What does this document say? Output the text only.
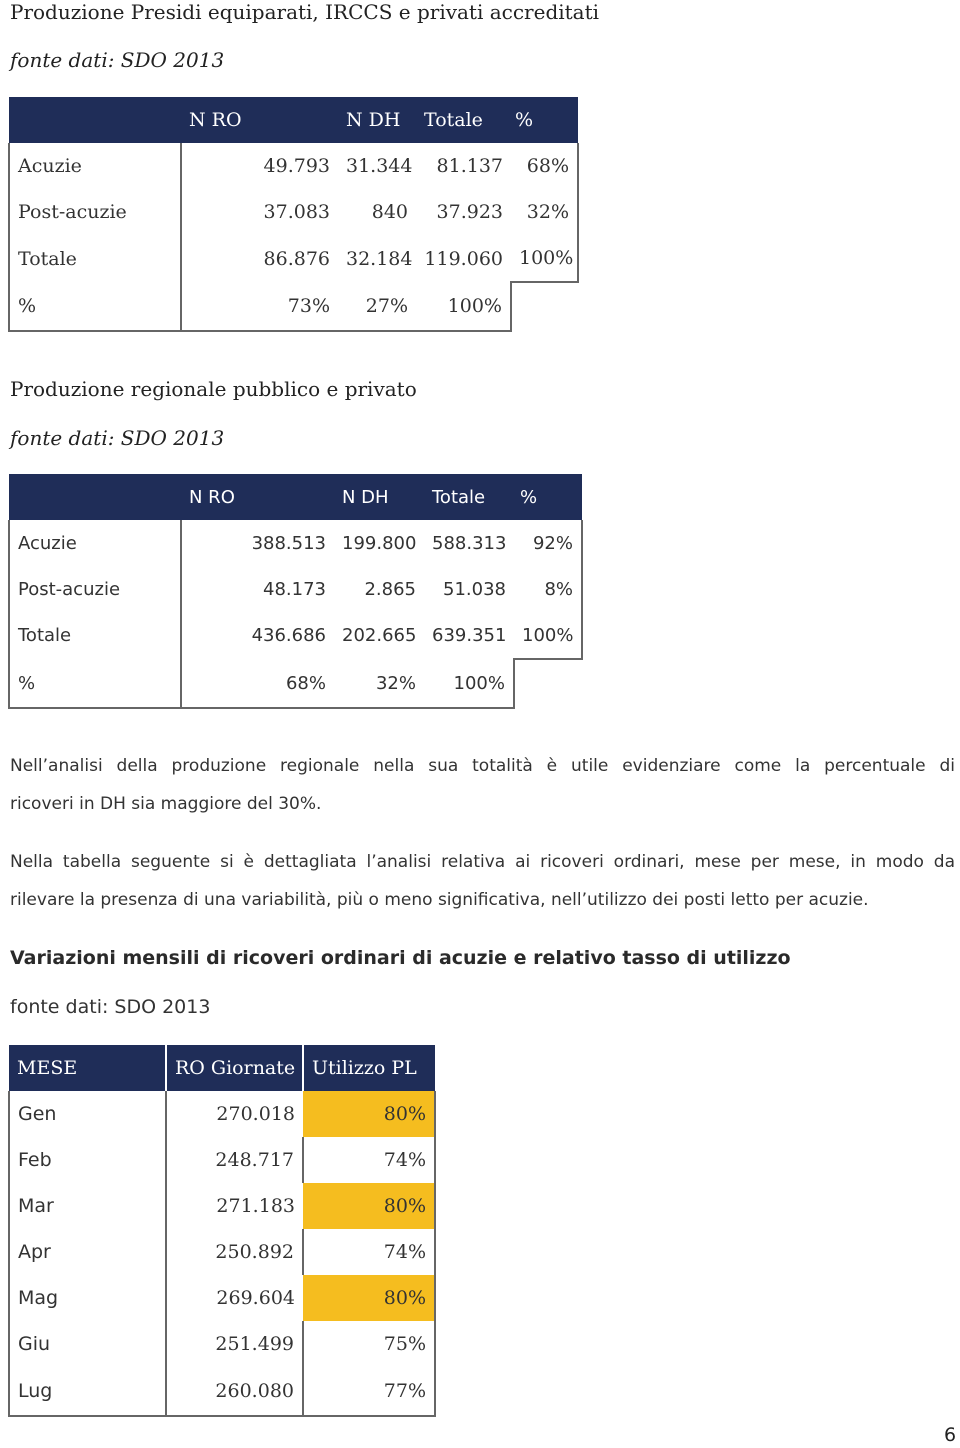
Produzione Presidi equiparati, IRCCS e privati accreditati
fonte dati: SDO 2013
	N RO	N DH	Totale	%
Acuzie	49.793	31.344	81.137	68%
Post-acuzie	37.083	840	37.923	32%
Totale	86.876	32.184	119.060	100%
%	73%	27%	100%	
Produzione regionale pubblico e privato
fonte dati: SDO 2013
	N RO	N DH	Totale	%
Acuzie	388.513	199.800	588.313	92%
Post-acuzie	48.173	2.865	51.038	8%
Totale	436.686	202.665	639.351	100%
%	68%	32%	100%	
Nell’analisi della produzione regionale nella sua totalità è utile evidenziare come la percentuale di
ricoveri in DH sia maggiore del 30%.
Nella tabella seguente si è dettagliata l’analisi relativa ai ricoveri ordinari, mese per mese, in modo da
rilevare la presenza di una variabilità, più o meno significativa, nell’utilizzo dei posti letto per acuzie.
Variazioni mensili di ricoveri ordinari di acuzie e relativo tasso di utilizzo
fonte dati: SDO 2013
MESE	RO Giornate	Utilizzo PL
Gen	270.018	80%
Feb	248.717	74%
Mar	271.183	80%
Apr	250.892	74%
Mag	269.604	80%
Giu	251.499	75%
Lug	260.080	77%
6
